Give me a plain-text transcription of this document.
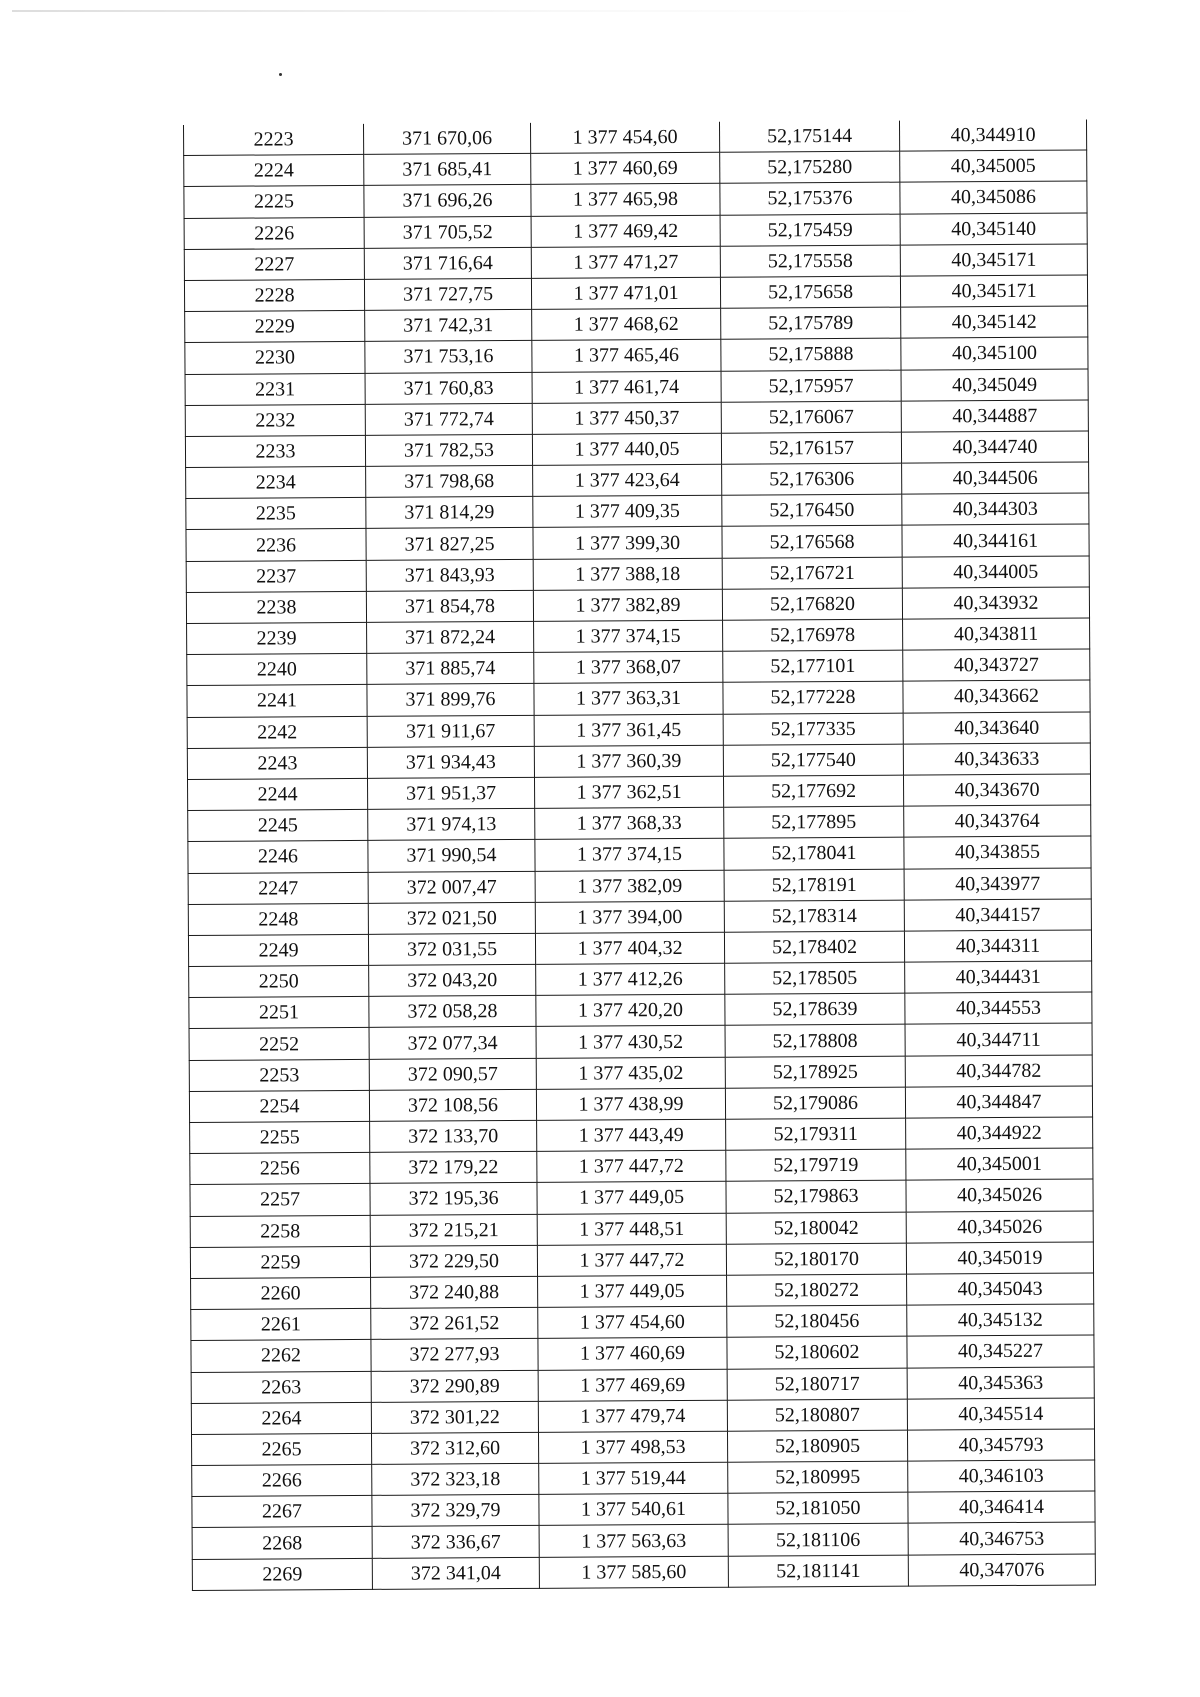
2223	371 670,06	1 377 454,60	52,175144	40,344910
2224	371 685,41	1 377 460,69	52,175280	40,345005
2225	371 696,26	1 377 465,98	52,175376	40,345086
2226	371 705,52	1 377 469,42	52,175459	40,345140
2227	371 716,64	1 377 471,27	52,175558	40,345171
2228	371 727,75	1 377 471,01	52,175658	40,345171
2229	371 742,31	1 377 468,62	52,175789	40,345142
2230	371 753,16	1 377 465,46	52,175888	40,345100
2231	371 760,83	1 377 461,74	52,175957	40,345049
2232	371 772,74	1 377 450,37	52,176067	40,344887
2233	371 782,53	1 377 440,05	52,176157	40,344740
2234	371 798,68	1 377 423,64	52,176306	40,344506
2235	371 814,29	1 377 409,35	52,176450	40,344303
2236	371 827,25	1 377 399,30	52,176568	40,344161
2237	371 843,93	1 377 388,18	52,176721	40,344005
2238	371 854,78	1 377 382,89	52,176820	40,343932
2239	371 872,24	1 377 374,15	52,176978	40,343811
2240	371 885,74	1 377 368,07	52,177101	40,343727
2241	371 899,76	1 377 363,31	52,177228	40,343662
2242	371 911,67	1 377 361,45	52,177335	40,343640
2243	371 934,43	1 377 360,39	52,177540	40,343633
2244	371 951,37	1 377 362,51	52,177692	40,343670
2245	371 974,13	1 377 368,33	52,177895	40,343764
2246	371 990,54	1 377 374,15	52,178041	40,343855
2247	372 007,47	1 377 382,09	52,178191	40,343977
2248	372 021,50	1 377 394,00	52,178314	40,344157
2249	372 031,55	1 377 404,32	52,178402	40,344311
2250	372 043,20	1 377 412,26	52,178505	40,344431
2251	372 058,28	1 377 420,20	52,178639	40,344553
2252	372 077,34	1 377 430,52	52,178808	40,344711
2253	372 090,57	1 377 435,02	52,178925	40,344782
2254	372 108,56	1 377 438,99	52,179086	40,344847
2255	372 133,70	1 377 443,49	52,179311	40,344922
2256	372 179,22	1 377 447,72	52,179719	40,345001
2257	372 195,36	1 377 449,05	52,179863	40,345026
2258	372 215,21	1 377 448,51	52,180042	40,345026
2259	372 229,50	1 377 447,72	52,180170	40,345019
2260	372 240,88	1 377 449,05	52,180272	40,345043
2261	372 261,52	1 377 454,60	52,180456	40,345132
2262	372 277,93	1 377 460,69	52,180602	40,345227
2263	372 290,89	1 377 469,69	52,180717	40,345363
2264	372 301,22	1 377 479,74	52,180807	40,345514
2265	372 312,60	1 377 498,53	52,180905	40,345793
2266	372 323,18	1 377 519,44	52,180995	40,346103
2267	372 329,79	1 377 540,61	52,181050	40,346414
2268	372 336,67	1 377 563,63	52,181106	40,346753
2269	372 341,04	1 377 585,60	52,181141	40,347076
